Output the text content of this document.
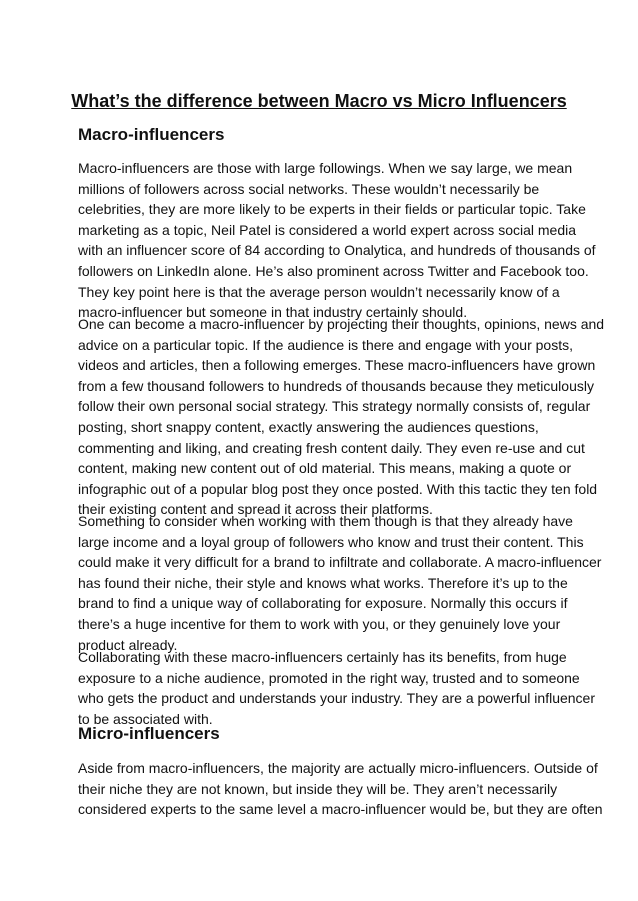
What’s the difference between Macro vs Micro Influencers
Macro-influencers

Macro-influencers are those with large followings. When we say large, we mean
millions of followers across social networks. These wouldn’t necessarily be
celebrities, they are more likely to be experts in their fields or particular topic. Take
marketing as a topic, Neil Patel is considered a world expert across social media
with an influencer score of 84 according to Onalytica, and hundreds of thousands of
followers on LinkedIn alone. He’s also prominent across Twitter and Facebook too.
They key point here is that the average person wouldn’t necessarily know of a
macro-influencer but someone in that industry certainly should.

One can become a macro-influencer by projecting their thoughts, opinions, news and
advice on a particular topic. If the audience is there and engage with your posts,
videos and articles, then a following emerges. These macro-influencers have grown
from a few thousand followers to hundreds of thousands because they meticulously
follow their own personal social strategy. This strategy normally consists of, regular
posting, short snappy content, exactly answering the audiences questions,
commenting and liking, and creating fresh content daily. They even re-use and cut
content, making new content out of old material. This means, making a quote or
infographic out of a popular blog post they once posted. With this tactic they ten fold
their existing content and spread it across their platforms.

Something to consider when working with them though is that they already have
large income and a loyal group of followers who know and trust their content. This
could make it very difficult for a brand to infiltrate and collaborate. A macro-influencer
has found their niche, their style and knows what works. Therefore it’s up to the
brand to find a unique way of collaborating for exposure. Normally this occurs if
there’s a huge incentive for them to work with you, or they genuinely love your
product already.

Collaborating with these macro-influencers certainly has its benefits, from huge
exposure to a niche audience, promoted in the right way, trusted and to someone
who gets the product and understands your industry. They are a powerful influencer
to be associated with.

Micro-influencers

Aside from macro-influencers, the majority are actually micro-influencers. Outside of
their niche they are not known, but inside they will be. They aren’t necessarily
considered experts to the same level a macro-influencer would be, but they are often
